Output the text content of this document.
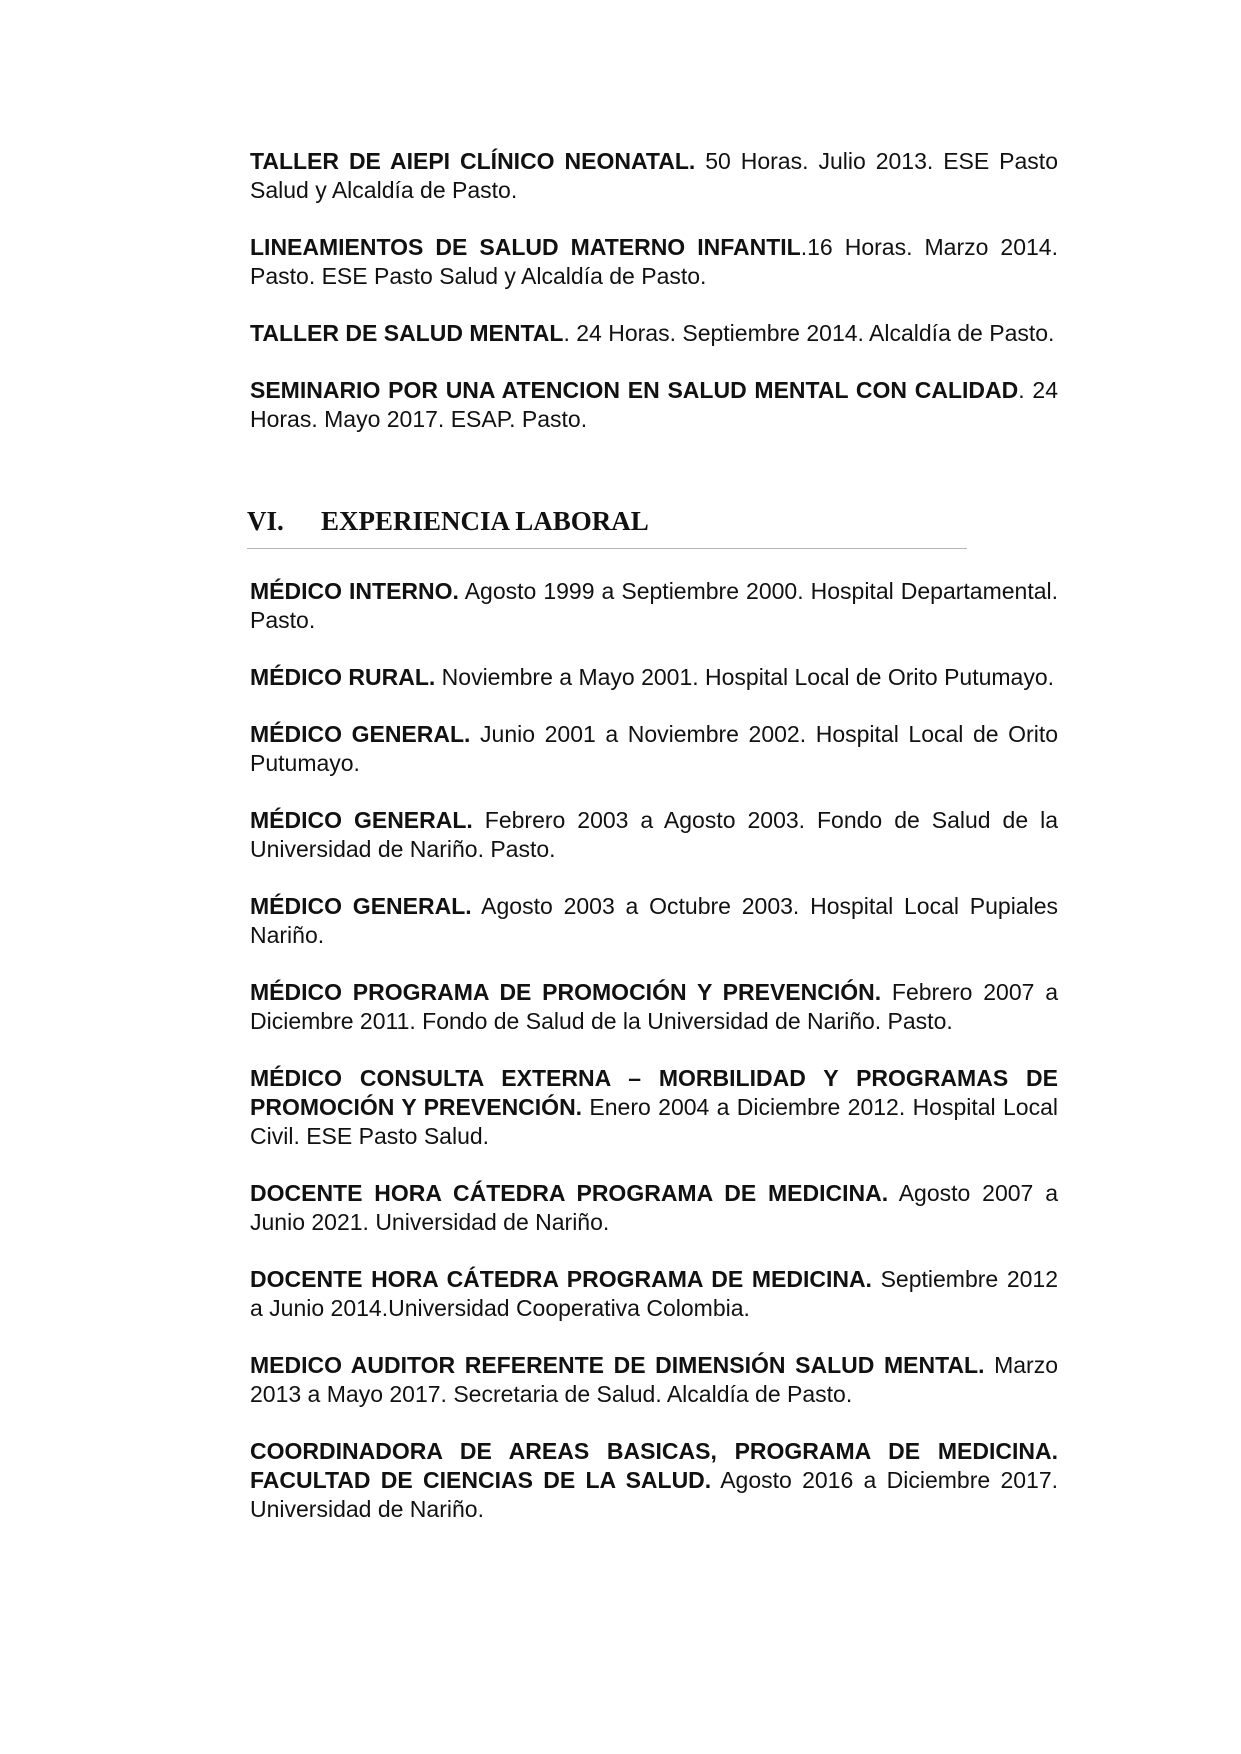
TALLER DE AIEPI CLÍNICO NEONATAL. 50 Horas. Julio 2013. ESE Pasto Salud y Alcaldía de Pasto.

LINEAMIENTOS DE SALUD MATERNO INFANTIL.16 Horas. Marzo 2014. Pasto. ESE Pasto Salud y Alcaldía de Pasto.

TALLER DE SALUD MENTAL. 24 Horas. Septiembre 2014. Alcaldía de Pasto.

SEMINARIO POR UNA ATENCION EN SALUD MENTAL CON CALIDAD. 24 Horas. Mayo 2017. ESAP. Pasto.

VI. EXPERIENCIA LABORAL

MÉDICO INTERNO. Agosto 1999 a Septiembre 2000. Hospital Departamental. Pasto.

MÉDICO RURAL. Noviembre a Mayo 2001. Hospital Local de Orito Putumayo.

MÉDICO GENERAL. Junio 2001 a Noviembre 2002. Hospital Local de Orito Putumayo.

MÉDICO GENERAL. Febrero 2003 a Agosto 2003. Fondo de Salud de la Universidad de Nariño. Pasto.

MÉDICO GENERAL. Agosto 2003 a Octubre 2003. Hospital Local Pupiales Nariño.

MÉDICO PROGRAMA DE PROMOCIÓN Y PREVENCIÓN. Febrero 2007 a Diciembre 2011. Fondo de Salud de la Universidad de Nariño. Pasto.

MÉDICO CONSULTA EXTERNA – MORBILIDAD Y PROGRAMAS DE PROMOCIÓN Y PREVENCIÓN. Enero 2004 a Diciembre 2012. Hospital Local Civil. ESE Pasto Salud.

DOCENTE HORA CÁTEDRA PROGRAMA DE MEDICINA. Agosto 2007 a Junio 2021. Universidad de Nariño.

DOCENTE HORA CÁTEDRA PROGRAMA DE MEDICINA. Septiembre 2012 a Junio 2014.Universidad Cooperativa Colombia.

MEDICO AUDITOR REFERENTE DE DIMENSIÓN SALUD MENTAL. Marzo 2013 a Mayo 2017. Secretaria de Salud. Alcaldía de Pasto.

COORDINADORA DE AREAS BASICAS, PROGRAMA DE MEDICINA. FACULTAD DE CIENCIAS DE LA SALUD. Agosto 2016 a Diciembre 2017. Universidad de Nariño.
